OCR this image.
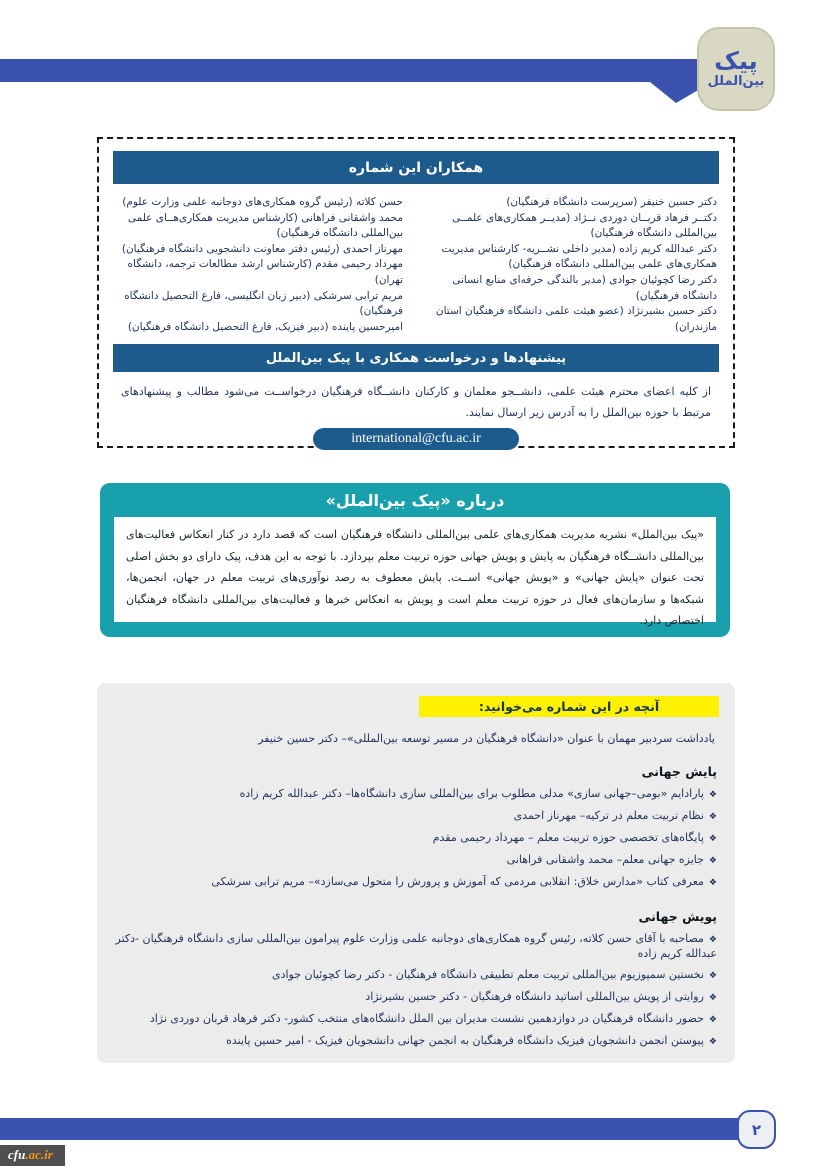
پیک
بین‌الملل
همکاران این شماره
دکتر حسین خنیفر (سرپرست دانشگاه فرهنگیان)
دکتــر فرهاد قربــان دوردی نــژاد (مدیــر همکاری‌های علمــی بین‌المللی دانشگاه فرهنگیان)
دکتر عبدالله کریم زاده (مدیر داخلی نشــریه- کارشناس مدیریت همکاری‌های علمی بین‌المللی دانشگاه فرهنگیان)
دکتر رضا کچوئیان جوادی (مدیر بالندگی حرفه‌ای منابع انسانی دانشگاه فرهنگیان)
دکتر حسین بشیرنژاد (عضو هیئت علمی دانشگاه فرهنگیان استان مازندران)
حسن کلاته (رئیس گروه همکاری‌های دوجانبه علمی وزارت علوم)
محمد واشقانی فراهانی (کارشناس مدیریت همکاری‌هــای علمی بین‌المللی دانشگاه فرهنگیان)
مهرناز احمدی (رئیس دفتر معاونت دانشجویی دانشگاه فرهنگیان)
مهرداد رحیمی مقدم (کارشناس ارشد مطالعات ترجمه، دانشگاه تهران)
مریم ترابی سرشکی (دبیر زبان انگلیسی، فارغ التحصیل دانشگاه فرهنگیان)
امیرحسین پاینده (دبیر فیزیک، فارغ التحصیل دانشگاه فرهنگیان)
پیشنهادها و درخواست همکاری با پیک بین‌الملل
از کلیه اعضای محترم هیئت علمی، دانشــجو معلمان و کارکنان دانشــگاه فرهنگیان درخواســت می‌شود مطالب و پیشنهادهای مرتبط با حوزه بین‌الملل را به آدرس زیر ارسال نمایند.
international@cfu.ac.ir
درباره «پیک بین‌الملل»
«پیک بین‌الملل» نشریه مدیریت همکاری‌های علمی بین‌المللی دانشگاه فرهنگیان است که قصد دارد در کنار انعکاس فعالیت‌های بین‌المللی دانشــگاه فرهنگیان به پایش و پویش جهانی حوزه تربیت معلم بپردازد. با توجه به این هدف، پیک دارای دو بخش اصلی تحت عنوان «پایش جهانی» و «پویش جهانی» اســت. پایش معطوف به رصد نوآوری‌های تربیت معلم در جهان، انجمن‌ها، شبکه‌ها و سازمان‌های فعال در حوزه تربیت معلم است و پویش به انعکاس خبرها و فعالیت‌های بین‌المللی دانشگاه فرهنگیان اختصاص دارد.
آنچه در این شماره می‌خوانید:
یادداشت سردبیر مهمان با عنوان «دانشگاه فرهنگیان در مسیر توسعه بین‌المللی»– دکتر حسین خنیفر
پایش جهانی
❖پارادایم «بومی–جهانی سازی» مدلی مطلوب برای بین‌المللی سازی دانشگاه‌ها– دکتر عبدالله کریم زاده
❖نظام تربیت معلم در ترکیه– مهرناز احمدی
❖پایگاه‌های تخصصی حوزه تربیت معلم – مهرداد رحیمی مقدم
❖جایزه جهانی معلم– محمد واشقانی فراهانی
❖معرفی کتاب «مدارس خلاق: انقلابی مردمی که آموزش و پرورش را متحول می‌سازد»– مریم ترابی سرشکی
پویش جهانی
❖مصاحبه با آقای حسن کلاته، رئیس گروه همکاری‌های دوجانبه علمی وزارت علوم پیرامون بین‌المللی سازی دانشگاه فرهنگیان -دکتر عبدالله کریم زاده
❖نخستین سمپوزیوم بین‌المللی تربیت معلم تطبیقی دانشگاه فرهنگیان - دکتر رضا کچوئیان جوادی
❖روایتی از پویش بین‌المللی اساتید دانشگاه فرهنگیان - دکتر حسین بشیرنژاد
❖حضور دانشگاه فرهنگیان در دوازدهمین نشست مدیران بین الملل دانشگاه‌های منتخب کشور- دکتر فرهاد قربان دوردی نژاد
❖پیوستن انجمن دانشجویان فیزیک دانشگاه فرهنگیان به انجمن جهانی دانشجویان فیزیک - امیر حسین پاینده
۲
cfu.ac.ir
